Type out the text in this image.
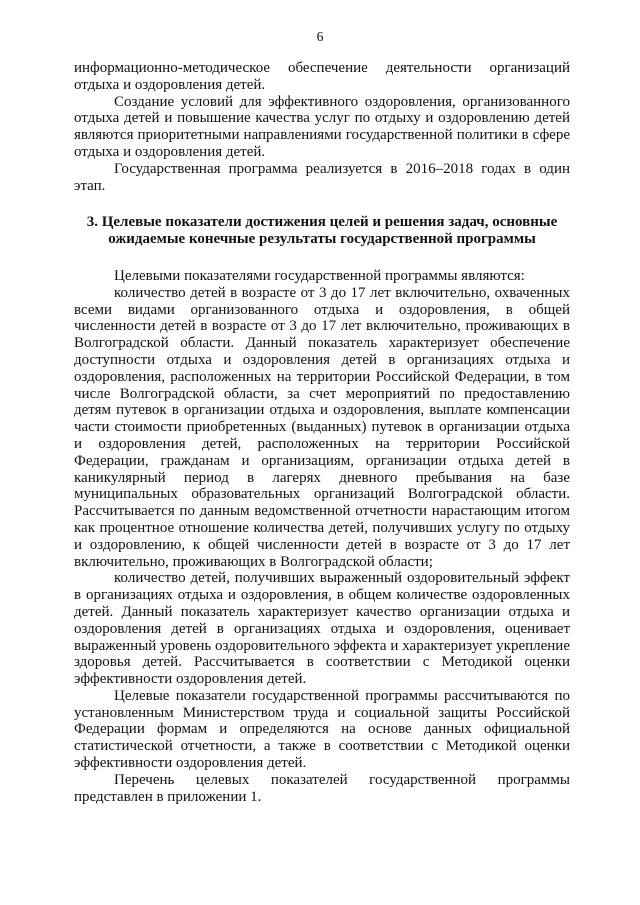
6

информационно-методическое обеспечение деятельности организаций отдыха и оздоровления детей.

Создание условий для эффективного оздоровления, организованного отдыха детей и повышение качества услуг по отдыху и оздоровлению детей являются приоритетными направлениями государственной политики в сфере отдыха и оздоровления детей.

Государственная программа реализуется в 2016–2018 годах в один этап.

3. Целевые показатели достижения целей и решения задач, основные ожидаемые конечные результаты государственной программы

Целевыми показателями государственной программы являются:

количество детей в возрасте от 3 до 17 лет включительно, охваченных всеми видами организованного отдыха и оздоровления, в общей численности детей в возрасте от 3 до 17 лет включительно, проживающих в Волгоградской области. Данный показатель характеризует обеспечение доступности отдыха и оздоровления детей в организациях отдыха и оздоровления, расположенных на территории Российской Федерации, в том числе Волгоградской области, за счет мероприятий по предоставлению детям путевок в организации отдыха и оздоровления, выплате компенсации части стоимости приобретенных (выданных) путевок в организации отдыха и оздоровления детей, расположенных на территории Российской Федерации, гражданам и организациям, организации отдыха детей в каникулярный период в лагерях дневного пребывания на базе муниципальных образовательных организаций Волгоградской области. Рассчитывается по данным ведомственной отчетности нарастающим итогом как процентное отношение количества детей, получивших услугу по отдыху и оздоровлению, к общей численности детей в возрасте от 3 до 17 лет включительно, проживающих в Волгоградской области;

количество детей, получивших выраженный оздоровительный эффект в организациях отдыха и оздоровления, в общем количестве оздоровленных детей. Данный показатель характеризует качество организации отдыха и оздоровления детей в организациях отдыха и оздоровления, оценивает выраженный уровень оздоровительного эффекта и характеризует укрепление здоровья детей. Рассчитывается в соответствии с Методикой оценки эффективности оздоровления детей.

Целевые показатели государственной программы рассчитываются по установленным Министерством труда и социальной защиты Российской Федерации формам и определяются на основе данных официальной статистической отчетности, а также в соответствии с Методикой оценки эффективности оздоровления детей.

Перечень целевых показателей государственной программы представлен в приложении 1.
